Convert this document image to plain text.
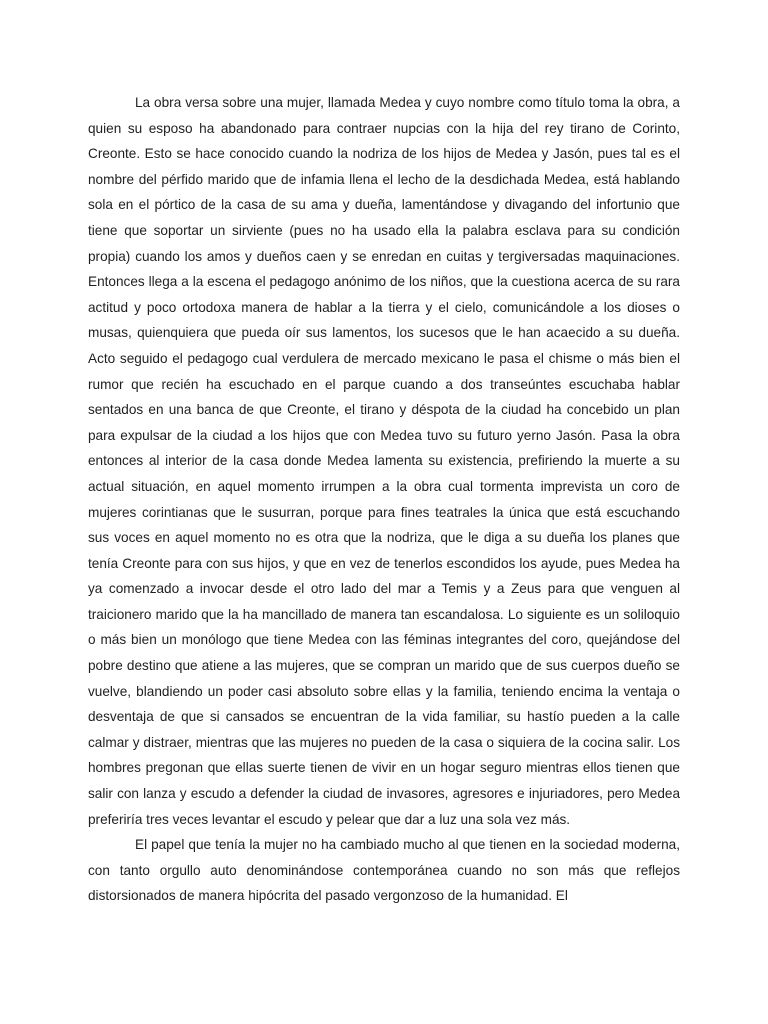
La obra versa sobre una mujer, llamada Medea y cuyo nombre como título toma la obra, a quien su esposo ha abandonado para contraer nupcias con la hija del rey tirano de Corinto, Creonte. Esto se hace conocido cuando la nodriza de los hijos de Medea y Jasón, pues tal es el nombre del pérfido marido que de infamia llena el lecho de la desdichada Medea, está hablando sola en el pórtico de la casa de su ama y dueña, lamentándose y divagando del infortunio que tiene que soportar un sirviente (pues no ha usado ella la palabra esclava para su condición propia) cuando los amos y dueños caen y se enredan en cuitas y tergiversadas maquinaciones. Entonces llega a la escena el pedagogo anónimo de los niños, que la cuestiona acerca de su rara actitud y poco ortodoxa manera de hablar a la tierra y el cielo, comunicándole a los dioses o musas, quienquiera que pueda oír sus lamentos, los sucesos que le han acaecido a su dueña. Acto seguido el pedagogo cual verdulera de mercado mexicano le pasa el chisme o más bien el rumor que recién ha escuchado en el parque cuando a dos transeúntes escuchaba hablar sentados en una banca de que Creonte, el tirano y déspota de la ciudad ha concebido un plan para expulsar de la ciudad a los hijos que con Medea tuvo su futuro yerno Jasón. Pasa la obra entonces al interior de la casa donde Medea lamenta su existencia, prefiriendo la muerte a su actual situación, en aquel momento irrumpen a la obra cual tormenta imprevista un coro de mujeres corintianas que le susurran, porque para fines teatrales la única que está escuchando sus voces en aquel momento no es otra que la nodriza, que le diga a su dueña los planes que tenía Creonte para con sus hijos, y que en vez de tenerlos escondidos los ayude, pues Medea ha ya comenzado a invocar desde el otro lado del mar a Temis y a Zeus para que venguen al traicionero marido que la ha mancillado de manera tan escandalosa. Lo siguiente es un soliloquio o más bien un monólogo que tiene Medea con las féminas integrantes del coro, quejándose del pobre destino que atiene a las mujeres, que se compran un marido que de sus cuerpos dueño se vuelve, blandiendo un poder casi absoluto sobre ellas y la familia, teniendo encima la ventaja o desventaja de que si cansados se encuentran de la vida familiar, su hastío pueden a la calle calmar y distraer, mientras que las mujeres no pueden de la casa o siquiera de la cocina salir. Los hombres pregonan que ellas suerte tienen de vivir en un hogar seguro mientras ellos tienen que salir con lanza y escudo a defender la ciudad de invasores, agresores e injuriadores, pero Medea preferiría tres veces levantar el escudo y pelear que dar a luz una sola vez más.

El papel que tenía la mujer no ha cambiado mucho al que tienen en la sociedad moderna, con tanto orgullo auto denominándose contemporánea cuando no son más que reflejos distorsionados de manera hipócrita del pasado vergonzoso de la humanidad. El
